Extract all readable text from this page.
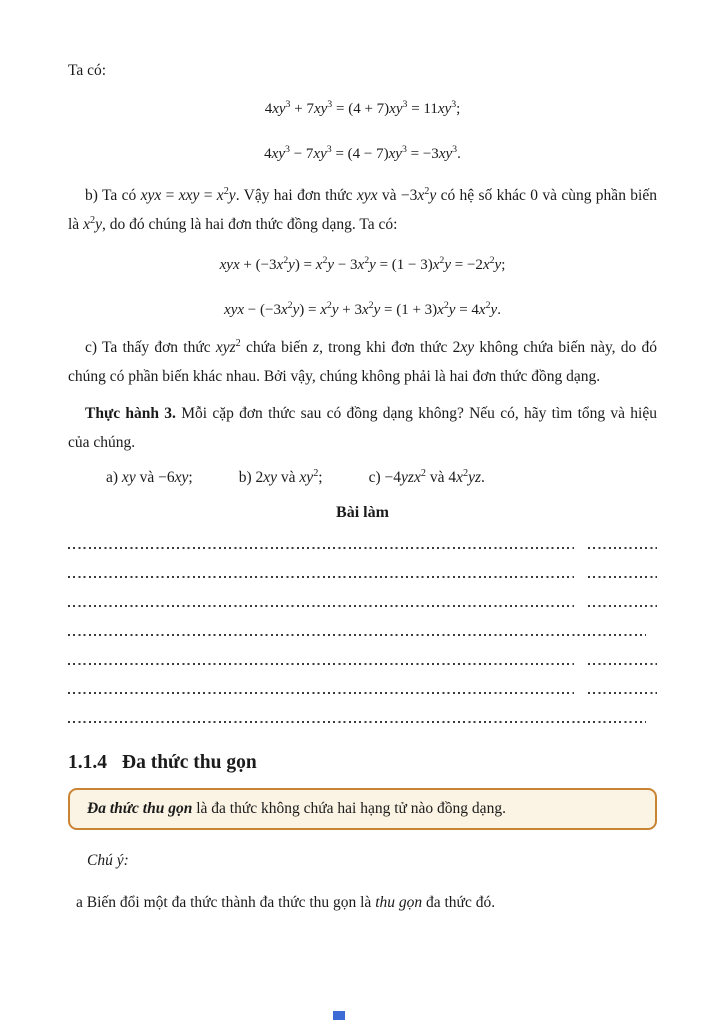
Ta có:

$4xy^3 + 7xy^3 = (4 + 7)xy^3 = 11xy^3$;
$4xy^3 - 7xy^3 = (4 - 7)xy^3 = -3xy^3$.

b) Ta có xyx = xxy = $x^2y$. Vậy hai đơn thức xyx và $-3x^2y$ có hệ số khác 0 và cùng phần biến là $x^2y$, do đó chúng là hai đơn thức đồng dạng. Ta có:

xyx + $(-3x^2y) = x^2y - 3x^2y = (1 - 3)x^2y = -2x^2y$;
xyx − $(-3x^2y) = x^2y + 3x^2y = (1 + 3)x^2y = 4x^2y$.

c) Ta thấy đơn thức xyz$^2$ chứa biến z, trong khi đơn thức 2xy không chứa biến này, do đó chúng có phần biến khác nhau. Bởi vậy, chúng không phải là hai đơn thức đồng dạng.

Thực hành 3. Mỗi cặp đơn thức sau có đồng dạng không? Nếu có, hãy tìm tổng và hiệu của chúng.

a) xy và −6xy;	b) 2xy và $xy^2$;	c) −4yzx$^2$ và $4x^2yz$.
Bài làm
1.1.4 Đa thức thu gọn
Đa thức thu gọn là đa thức không chứa hai hạng tử nào đồng dạng.

Chú ý:

a Biến đổi một đa thức thành đa thức thu gọn là thu gọn đa thức đó.
